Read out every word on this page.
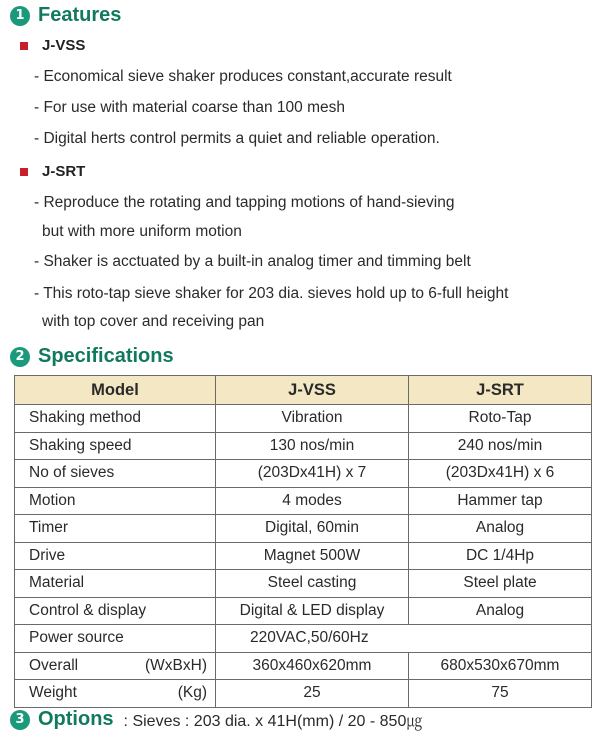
1 Features
J-VSS
- Economical sieve shaker produces constant,accurate result
- For use with material coarse than 100 mesh
- Digital herts control permits a quiet and reliable operation.
J-SRT
- Reproduce the rotating and tapping motions of hand-sieving
but with more uniform motion
- Shaker is acctuated by a built-in analog timer and timming belt
- This roto-tap sieve shaker for 203 dia. sieves hold up to 6-full height
with top cover and receiving pan
2 Specifications
Model	J-VSS	J-SRT
Shaking method	Vibration	Roto-Tap
Shaking speed	130 nos/min	240 nos/min
No of sieves	(203Dx41H) x 7	(203Dx41H) x 6
Motion	4 modes	Hammer tap
Timer	Digital, 60min	Analog
Drive	Magnet 500W	DC 1/4Hp
Material	Steel casting	Steel plate
Control & display	Digital & LED display	Analog
Power source	220VAC,50/60Hz	
Overall (WxBxH)	360x460x620mm	680x530x670mm
Weight (Kg)	25	75
3 Options : Sieves : 203 dia. x 41H(mm) / 20 - 850㎍
